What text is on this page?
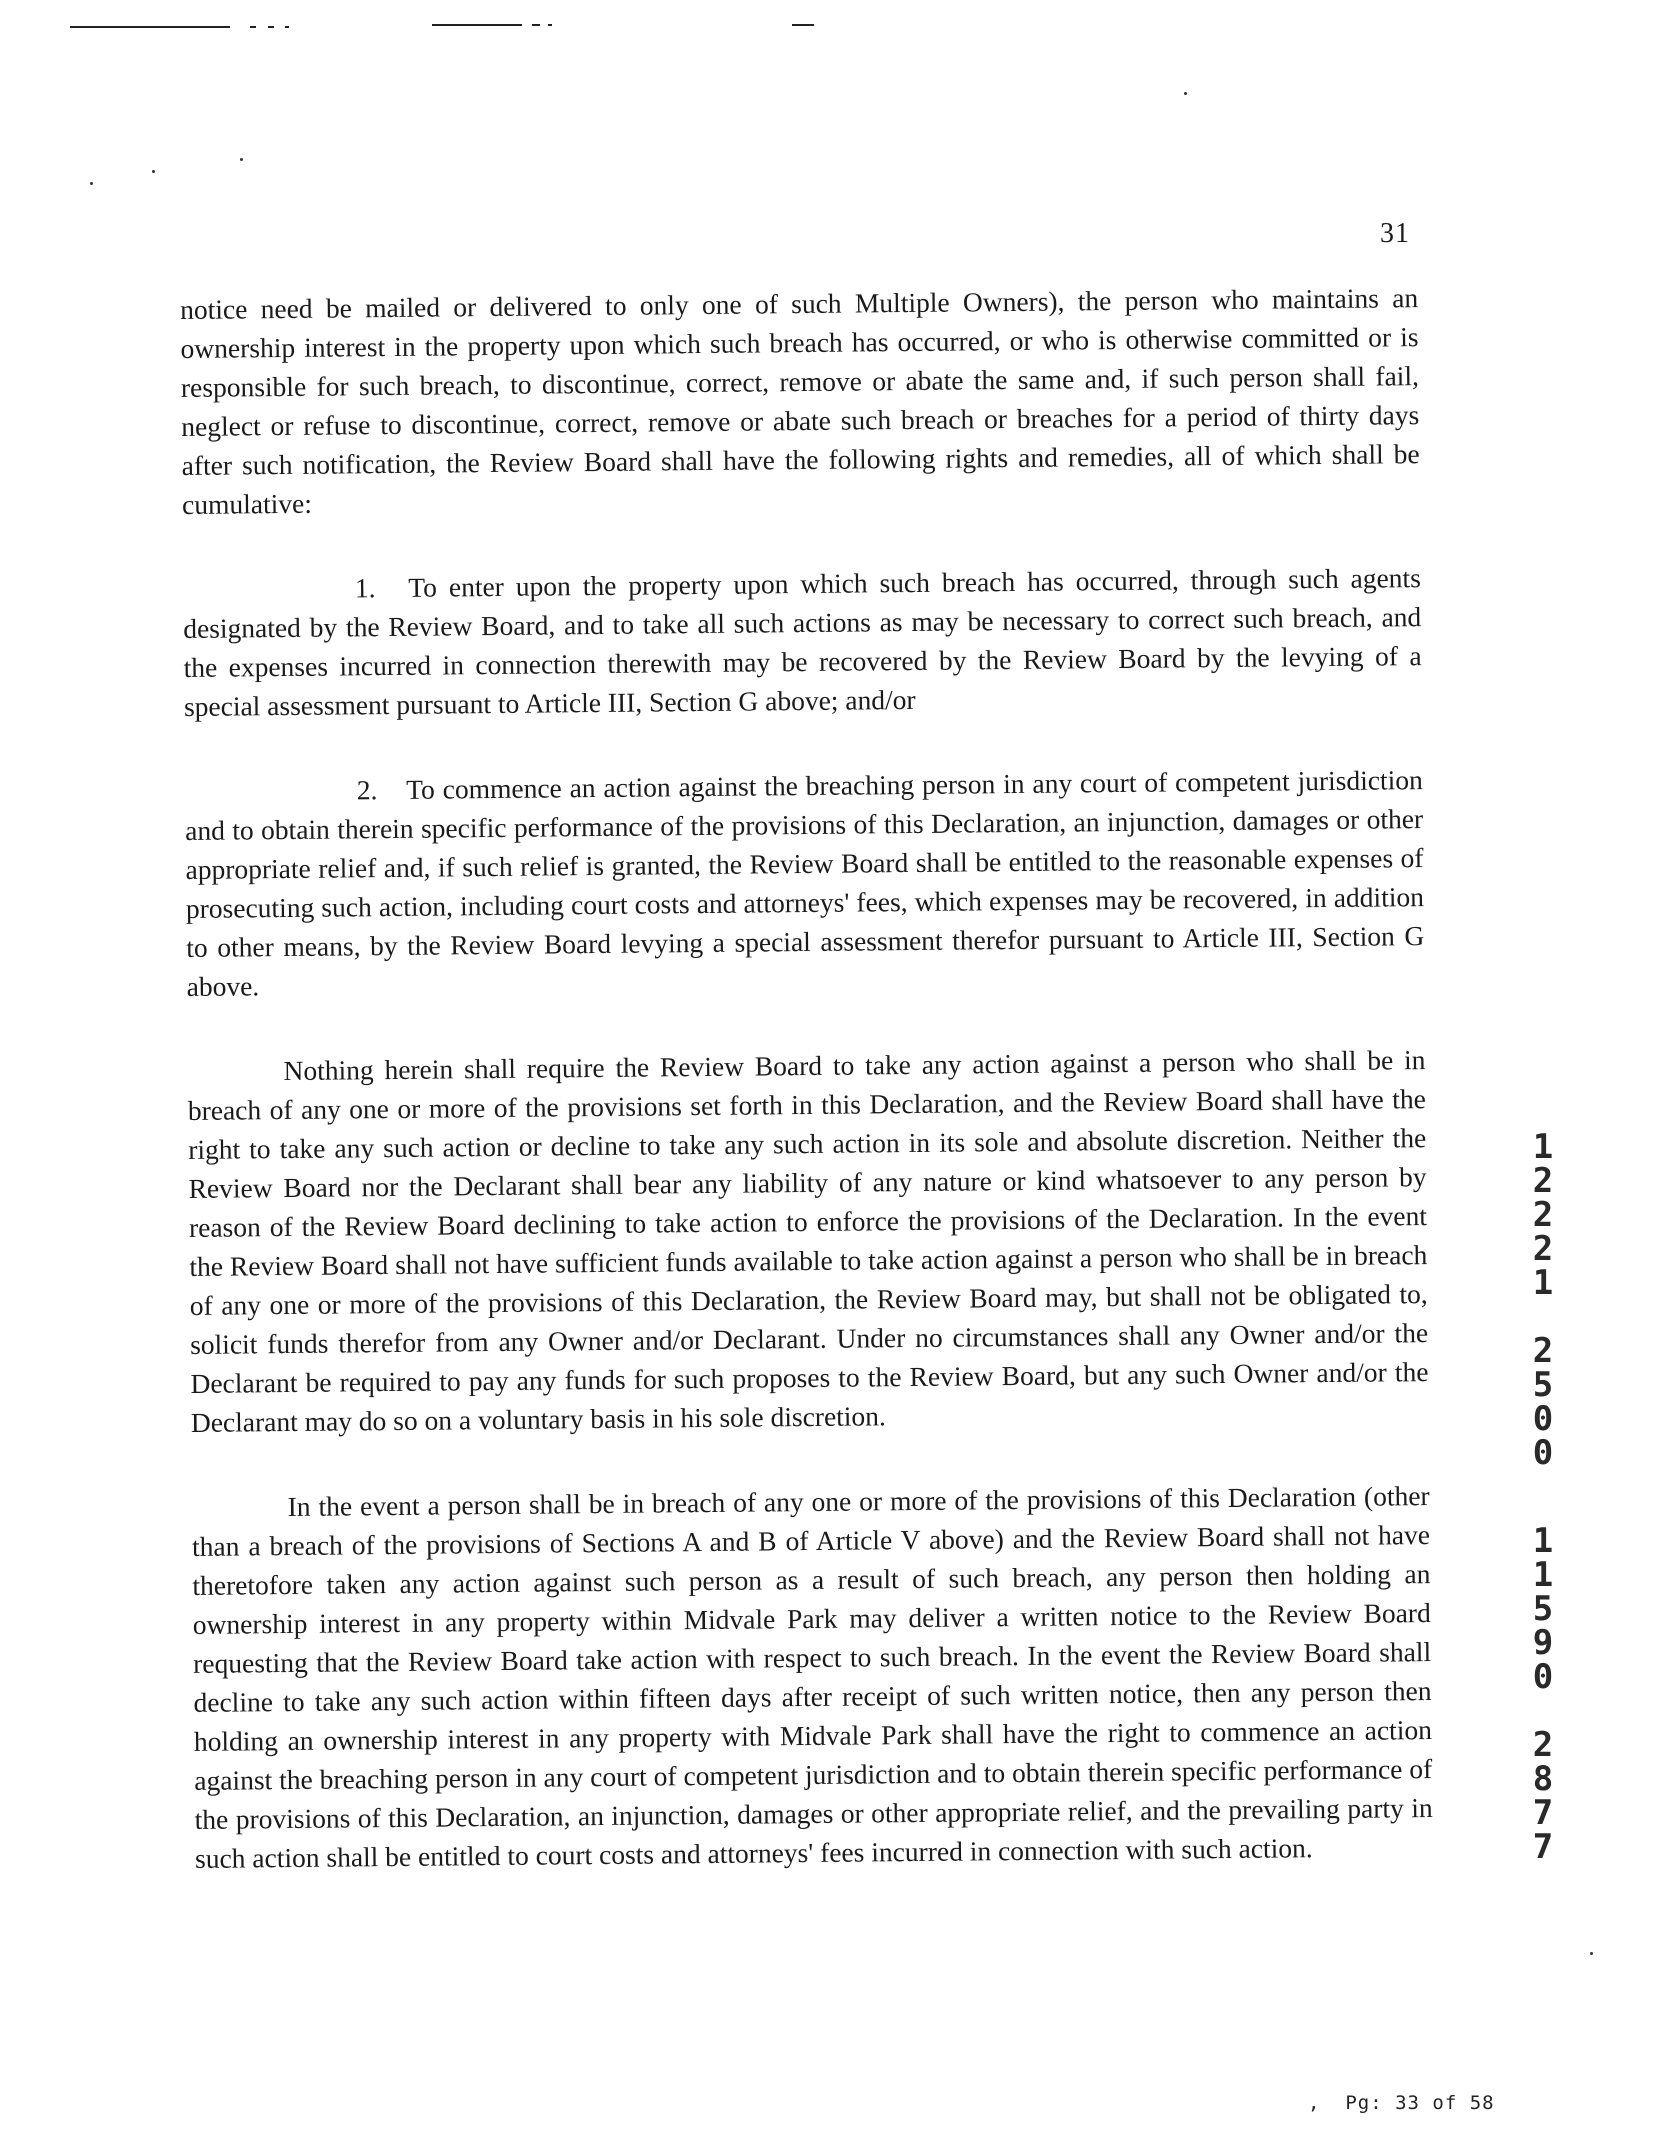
31

notice need be mailed or delivered to only one of such Multiple Owners), the person who maintains an ownership interest in the property upon which such breach has occurred, or who is otherwise committed or is responsible for such breach, to discontinue, correct, remove or abate the same and, if such person shall fail, neglect or refuse to discontinue, correct, remove or abate such breach or breaches for a period of thirty days after such notification, the Review Board shall have the following rights and remedies, all of which shall be cumulative:

1. To enter upon the property upon which such breach has occurred, through such agents designated by the Review Board, and to take all such actions as may be necessary to correct such breach, and the expenses incurred in connection therewith may be recovered by the Review Board by the levying of a special assessment pursuant to Article III, Section G above; and/or

2. To commence an action against the breaching person in any court of competent jurisdiction and to obtain therein specific performance of the provisions of this Declaration, an injunction, damages or other appropriate relief and, if such relief is granted, the Review Board shall be entitled to the reasonable expenses of prosecuting such action, including court costs and attorneys' fees, which expenses may be recovered, in addition to other means, by the Review Board levying a special assessment therefor pursuant to Article III, Section G above.

Nothing herein shall require the Review Board to take any action against a person who shall be in breach of any one or more of the provisions set forth in this Declaration, and the Review Board shall have the right to take any such action or decline to take any such action in its sole and absolute discretion. Neither the Review Board nor the Declarant shall bear any liability of any nature or kind whatsoever to any person by reason of the Review Board declining to take action to enforce the provisions of the Declaration. In the event the Review Board shall not have sufficient funds available to take action against a person who shall be in breach of any one or more of the provisions of this Declaration, the Review Board may, but shall not be obligated to, solicit funds therefor from any Owner and/or Declarant. Under no circumstances shall any Owner and/or the Declarant be required to pay any funds for such proposes to the Review Board, but any such Owner and/or the Declarant may do so on a voluntary basis in his sole discretion.

In the event a person shall be in breach of any one or more of the provisions of this Declaration (other than a breach of the provisions of Sections A and B of Article V above) and the Review Board shall not have theretofore taken any action against such person as a result of such breach, any person then holding an ownership interest in any property within Midvale Park may deliver a written notice to the Review Board requesting that the Review Board take action with respect to such breach. In the event the Review Board shall decline to take any such action within fifteen days after receipt of such written notice, then any person then holding an ownership interest in any property with Midvale Park shall have the right to commence an action against the breaching person in any court of competent jurisdiction and to obtain therein specific performance of the provisions of this Declaration, an injunction, damages or other appropriate relief, and the prevailing party in such action shall be entitled to court costs and attorneys' fees incurred in connection with such action.

1
2
2
2
1
2
5
0
0
1
1
5
9
0
2
8
7
7
,  Pg: 33 of 58
